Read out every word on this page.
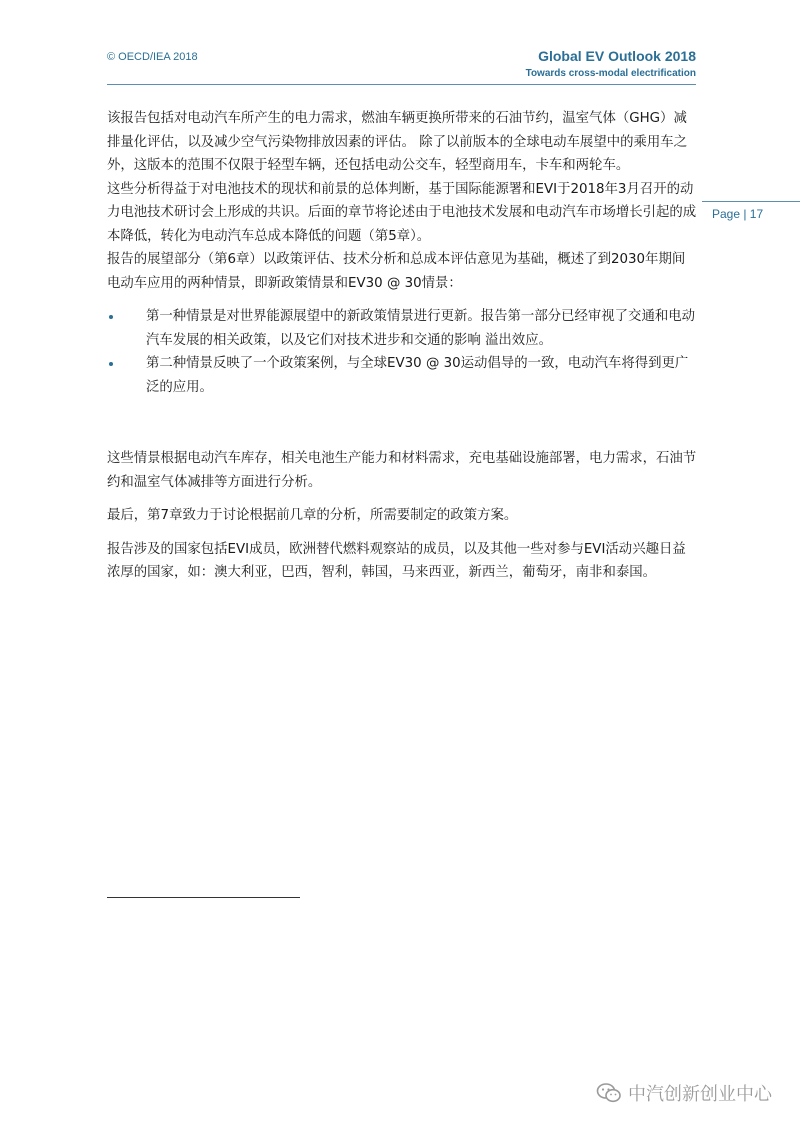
© OECD/IEA 2018	Global EV Outlook 2018
Towards cross-modal electrification
Page | 17

该报告包括对电动汽车所产生的电力需求，燃油车辆更换所带来的石油节约，温室气体（GHG）减排量化评估，以及减少空气污染物排放因素的评估。 除了以前版本的全球电动车展望中的乘用车之外，这版本的范围不仅限于轻型车辆，还包括电动公交车，轻型商用车，卡车和两轮车。

这些分析得益于对电池技术的现状和前景的总体判断，基于国际能源署和EVI于2018年3月召开的动力电池技术研讨会上形成的共识。后面的章节将论述由于电池技术发展和电动汽车市场增长引起的成本降低，转化为电动汽车总成本降低的问题（第5章）。

报告的展望部分（第6章）以政策评估、技术分析和总成本评估意见为基础，概述了到2030年期间电动车应用的两种情景，即新政策情景和EV30 @ 30情景：

第一种情景是对世界能源展望中的新政策情景进行更新。报告第一部分已经审视了交通和电动汽车发展的相关政策，以及它们对技术进步和交通的影响 溢出效应。
第二种情景反映了一个政策案例，与全球EV30 @ 30运动倡导的一致，电动汽车将得到更广泛的应用。

这些情景根据电动汽车库存，相关电池生产能力和材料需求，充电基础设施部署，电力需求，石油节约和温室气体减排等方面进行分析。

最后，第7章致力于讨论根据前几章的分析，所需要制定的政策方案。

报告涉及的国家包括EVI成员，欧洲替代燃料观察站的成员，以及其他一些对参与EVI活动兴趣日益浓厚的国家，如：澳大利亚，巴西，智利，韩国，马来西亚，新西兰，葡萄牙，南非和泰国。

中汽创新创业中心
